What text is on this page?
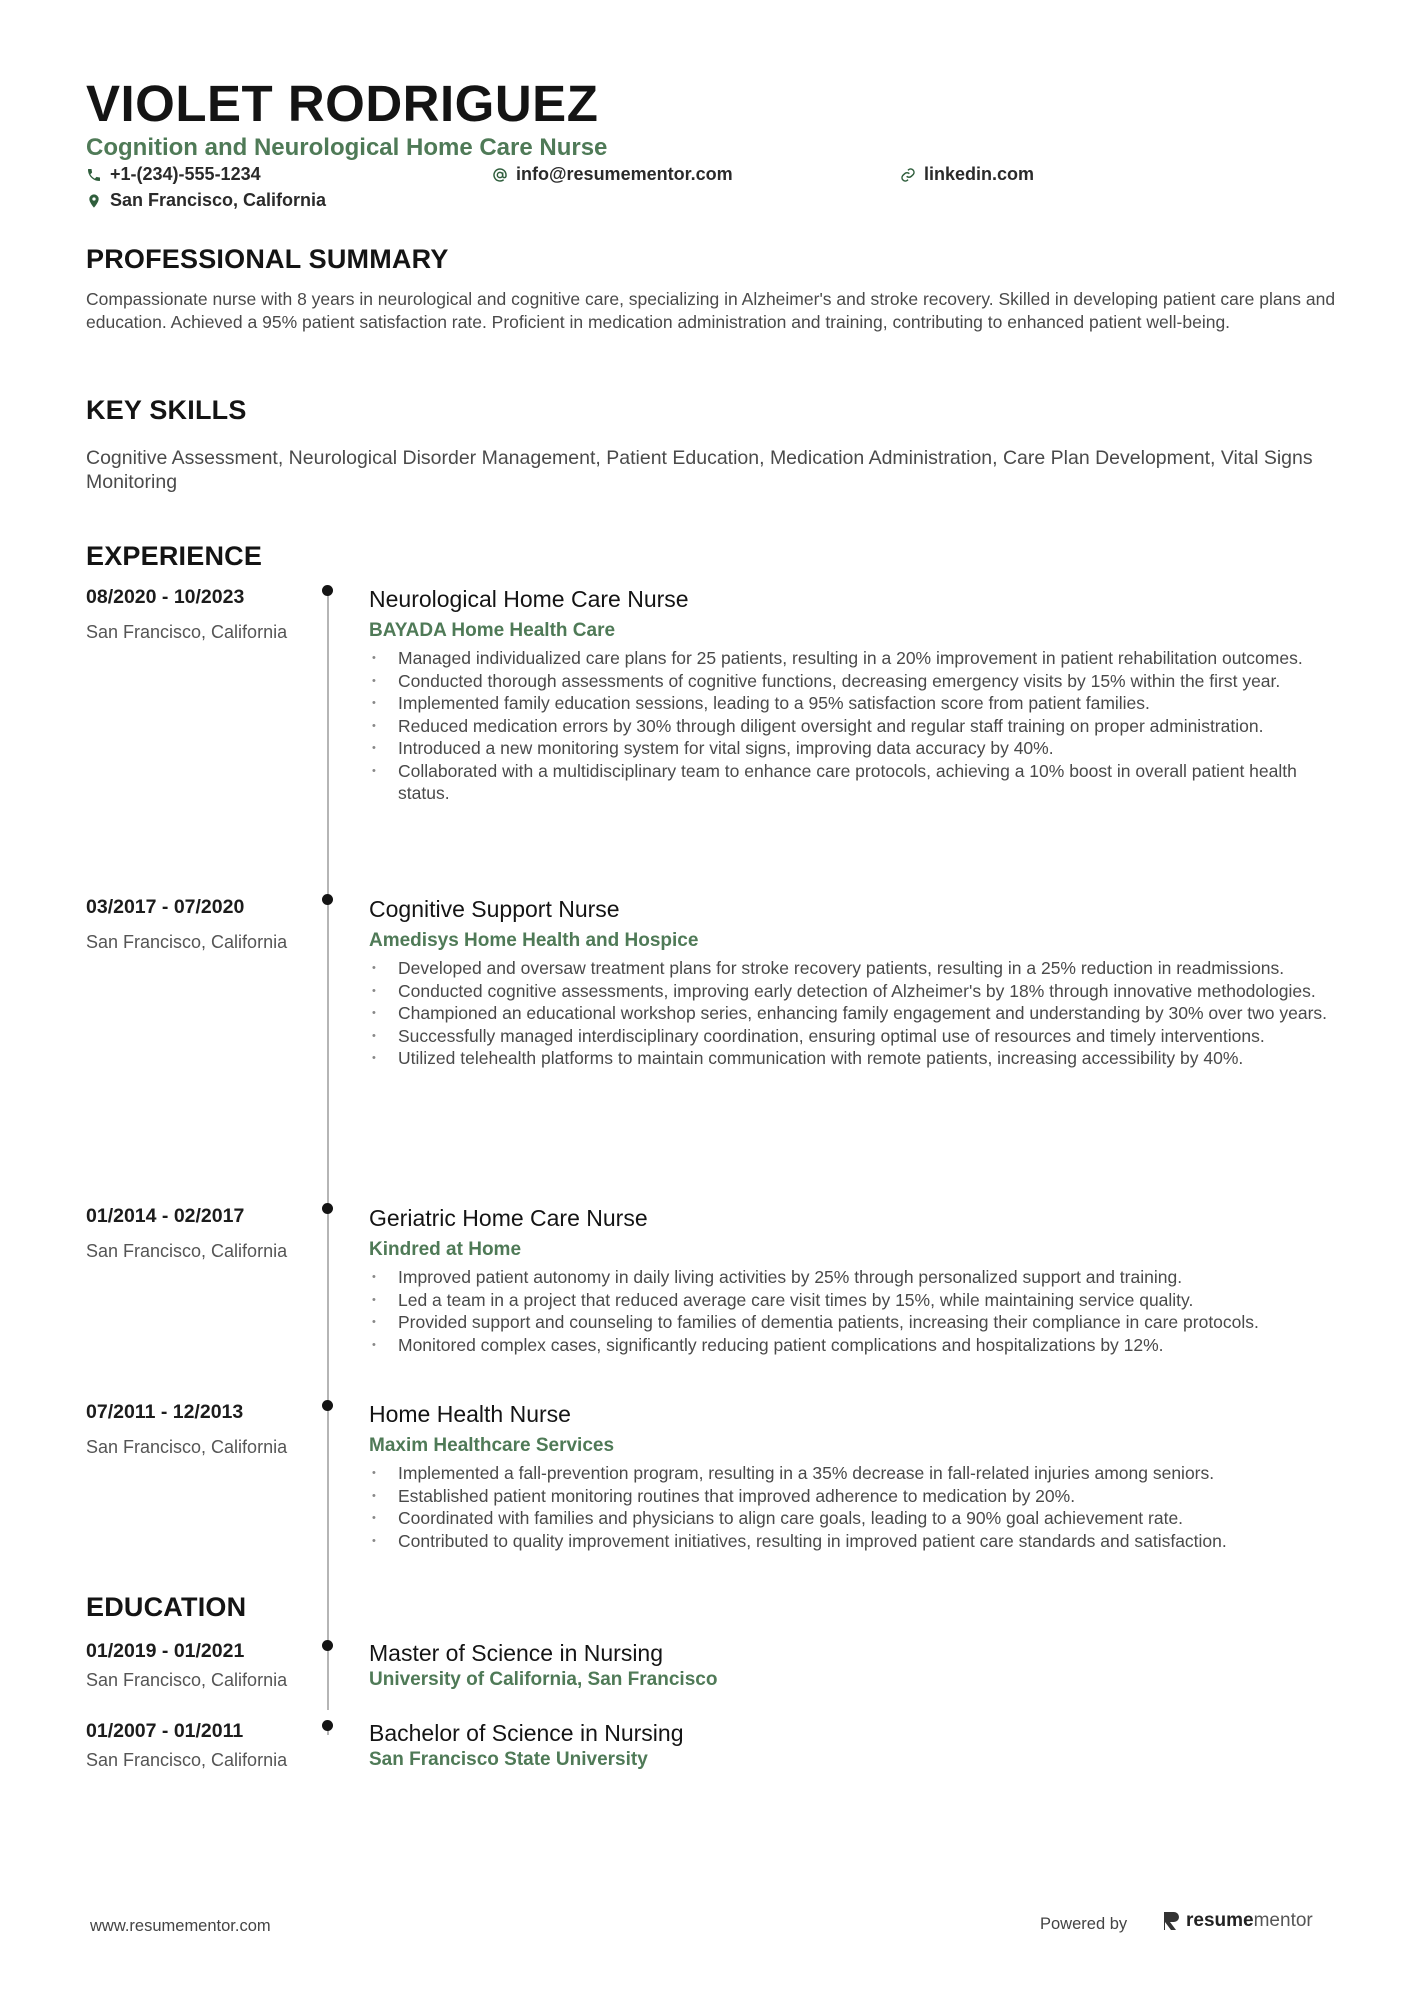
VIOLET RODRIGUEZ
Cognition and Neurological Home Care Nurse
+1-(234)-555-1234	info@resumementor.com	linkedin.com
San Francisco, California
PROFESSIONAL SUMMARY
Compassionate nurse with 8 years in neurological and cognitive care, specializing in Alzheimer's and stroke recovery. Skilled in developing patient care plans and education. Achieved a 95% patient satisfaction rate. Proficient in medication administration and training, contributing to enhanced patient well-being.
KEY SKILLS
Cognitive Assessment, Neurological Disorder Management, Patient Education, Medication Administration, Care Plan Development, Vital Signs Monitoring
EXPERIENCE
08/2020 - 10/2023
San Francisco, California
Neurological Home Care Nurse
BAYADA Home Health Care
• Managed individualized care plans for 25 patients, resulting in a 20% improvement in patient rehabilitation outcomes.
• Conducted thorough assessments of cognitive functions, decreasing emergency visits by 15% within the first year.
• Implemented family education sessions, leading to a 95% satisfaction score from patient families.
• Reduced medication errors by 30% through diligent oversight and regular staff training on proper administration.
• Introduced a new monitoring system for vital signs, improving data accuracy by 40%.
• Collaborated with a multidisciplinary team to enhance care protocols, achieving a 10% boost in overall patient health status.
03/2017 - 07/2020
San Francisco, California
Cognitive Support Nurse
Amedisys Home Health and Hospice
• Developed and oversaw treatment plans for stroke recovery patients, resulting in a 25% reduction in readmissions.
• Conducted cognitive assessments, improving early detection of Alzheimer's by 18% through innovative methodologies.
• Championed an educational workshop series, enhancing family engagement and understanding by 30% over two years.
• Successfully managed interdisciplinary coordination, ensuring optimal use of resources and timely interventions.
• Utilized telehealth platforms to maintain communication with remote patients, increasing accessibility by 40%.
01/2014 - 02/2017
San Francisco, California
Geriatric Home Care Nurse
Kindred at Home
• Improved patient autonomy in daily living activities by 25% through personalized support and training.
• Led a team in a project that reduced average care visit times by 15%, while maintaining service quality.
• Provided support and counseling to families of dementia patients, increasing their compliance in care protocols.
• Monitored complex cases, significantly reducing patient complications and hospitalizations by 12%.
07/2011 - 12/2013
San Francisco, California
Home Health Nurse
Maxim Healthcare Services
• Implemented a fall-prevention program, resulting in a 35% decrease in fall-related injuries among seniors.
• Established patient monitoring routines that improved adherence to medication by 20%.
• Coordinated with families and physicians to align care goals, leading to a 90% goal achievement rate.
• Contributed to quality improvement initiatives, resulting in improved patient care standards and satisfaction.
EDUCATION
01/2019 - 01/2021
San Francisco, California
Master of Science in Nursing
University of California, San Francisco
01/2007 - 01/2011
San Francisco, California
Bachelor of Science in Nursing
San Francisco State University
www.resumementor.com	Powered by	resumementor
